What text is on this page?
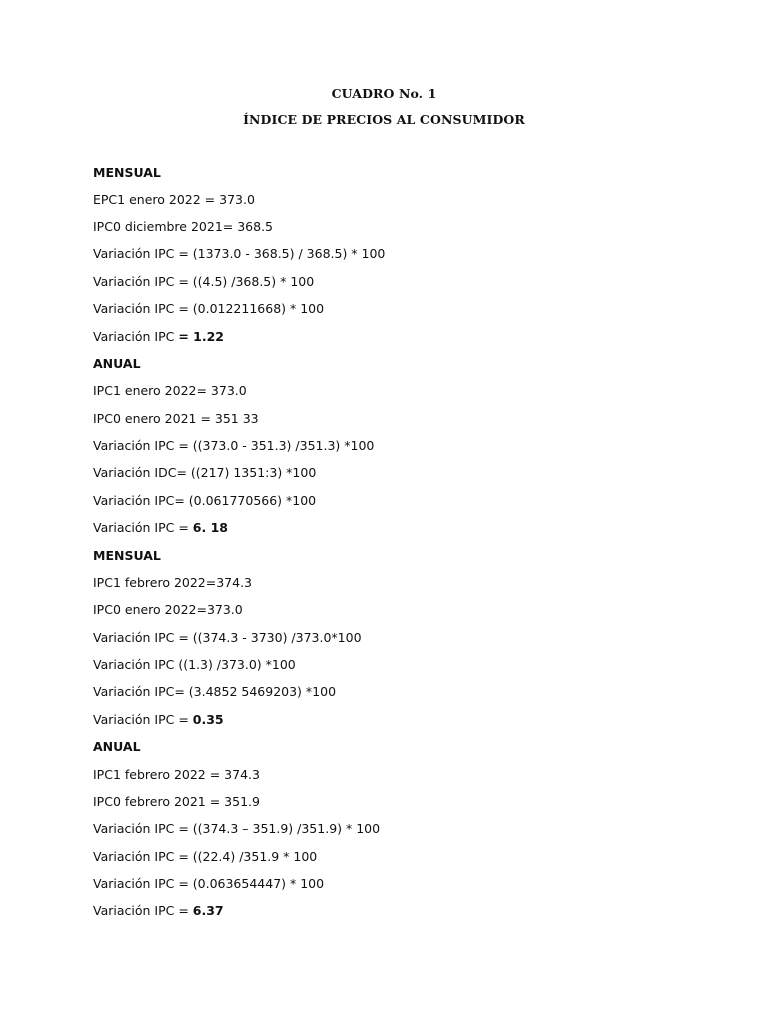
CUADRO No. 1
ÍNDICE DE PRECIOS AL CONSUMIDOR
MENSUAL
EPC1 enero 2022 = 373.0
IPC0 diciembre 2021= 368.5
Variación IPC = (1373.0 - 368.5) / 368.5) * 100
Variación IPC = ((4.5) /368.5) * 100
Variación IPC = (0.012211668) * 100
Variación IPC = 1.22
ANUAL
IPC1 enero 2022= 373.0
IPC0 enero 2021 = 351 33
Variación IPC = ((373.0 - 351.3) /351.3) *100
Variación IDC= ((217) 1351:3) *100
Variación IPC= (0.061770566) *100
Variación IPC = 6. 18
MENSUAL
IPC1 febrero 2022=374.3
IPC0 enero 2022=373.0
Variación IPC = ((374.3 - 3730) /373.0*100
Variación IPC ((1.3) /373.0) *100
Variación IPC= (3.4852 5469203) *100
Variación IPC = 0.35
ANUAL
IPC1 febrero 2022 = 374.3
IPC0 febrero 2021 = 351.9
Variación IPC = ((374.3 – 351.9) /351.9) * 100
Variación IPC = ((22.4) /351.9 * 100
Variación IPC = (0.063654447) * 100
Variación IPC = 6.37
